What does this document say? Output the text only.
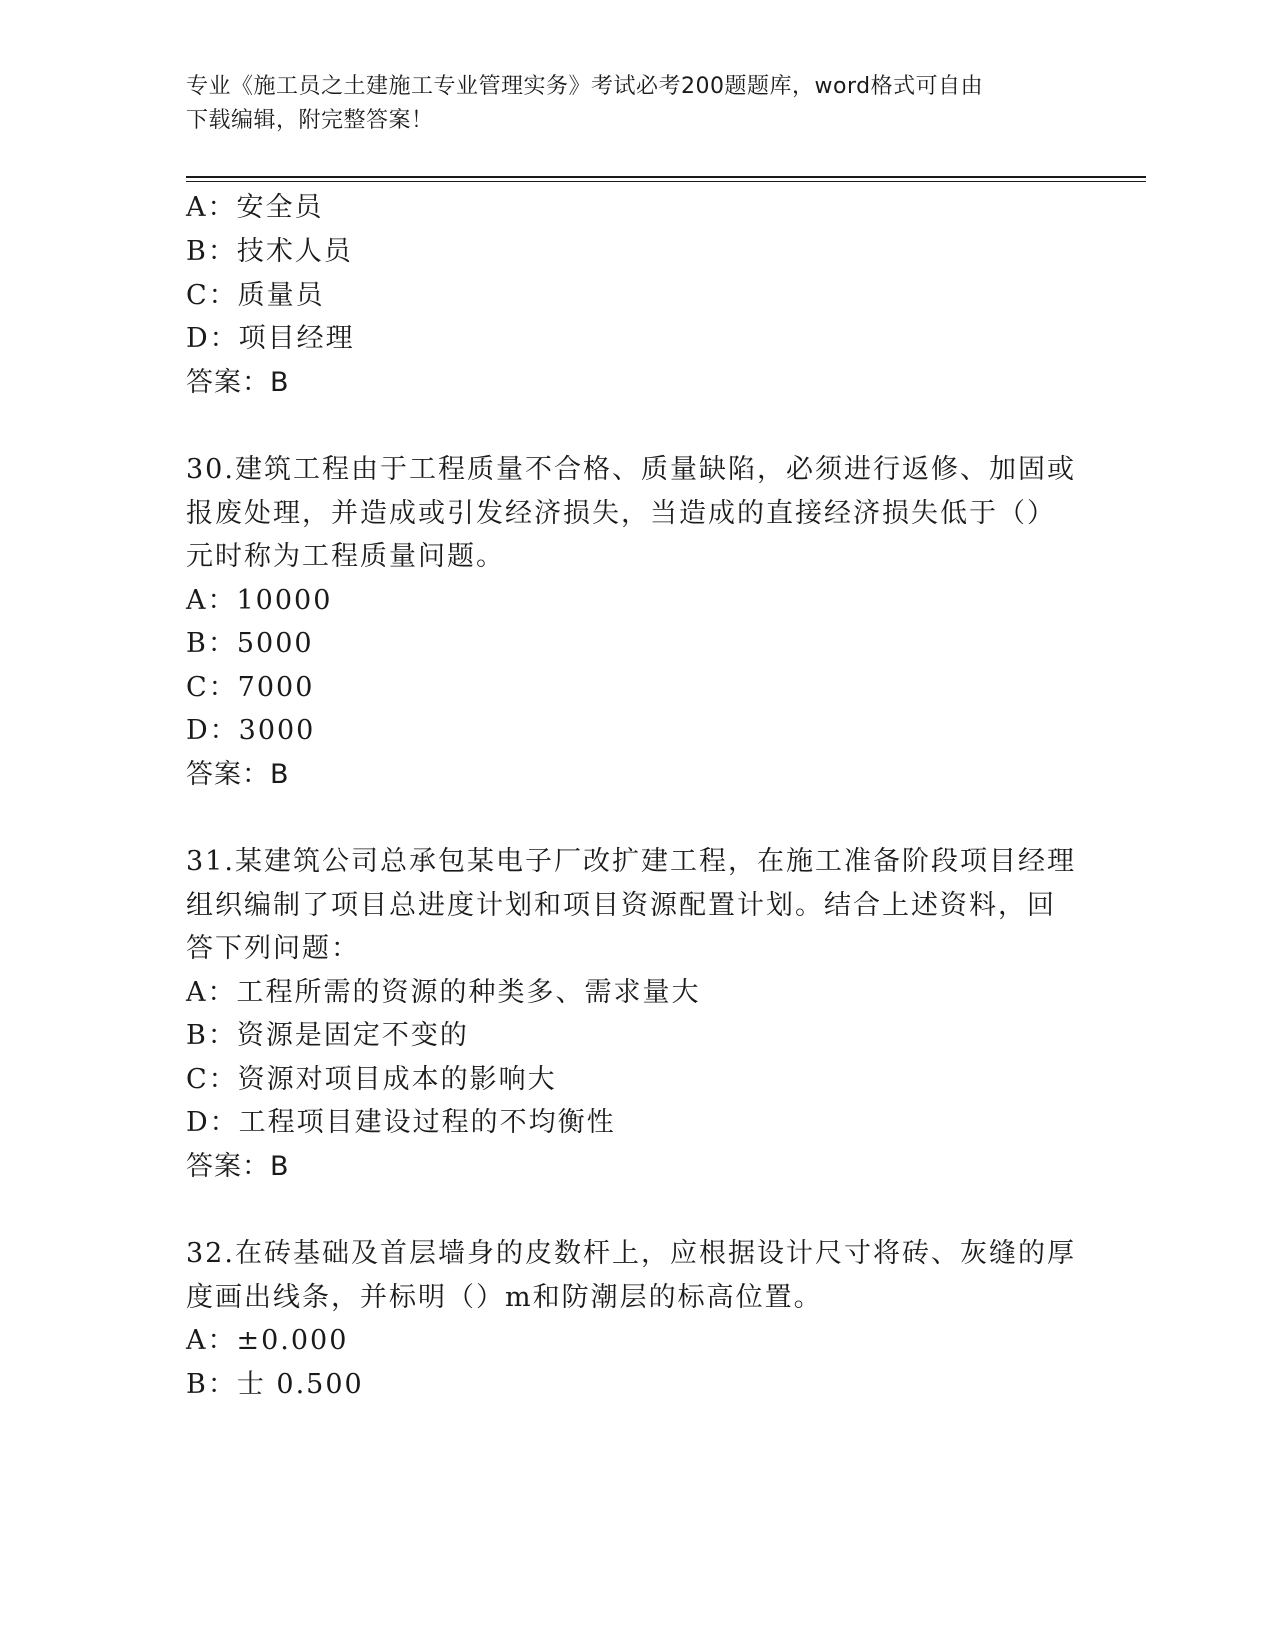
专业《施工员之土建施工专业管理实务》考试必考200题题库，word格式可自由
下载编辑，附完整答案！
A：安全员
B：技术人员
C：质量员
D：项目经理
答案：B
30.建筑工程由于工程质量不合格、质量缺陷，必须进行返修、加固或
报废处理，并造成或引发经济损失，当造成的直接经济损失低于（）
元时称为工程质量问题。
A：10000
B：5000
C：7000
D：3000
答案：B
31.某建筑公司总承包某电子厂改扩建工程，在施工准备阶段项目经理
组织编制了项目总进度计划和项目资源配置计划。结合上述资料，回
答下列问题：
A：工程所需的资源的种类多、需求量大
B：资源是固定不变的
C：资源对项目成本的影响大
D：工程项目建设过程的不均衡性
答案：B
32.在砖基础及首层墙身的皮数杆上，应根据设计尺寸将砖、灰缝的厚
度画出线条，并标明（）m和防潮层的标高位置。
A：±0.000
B：士 0.500
